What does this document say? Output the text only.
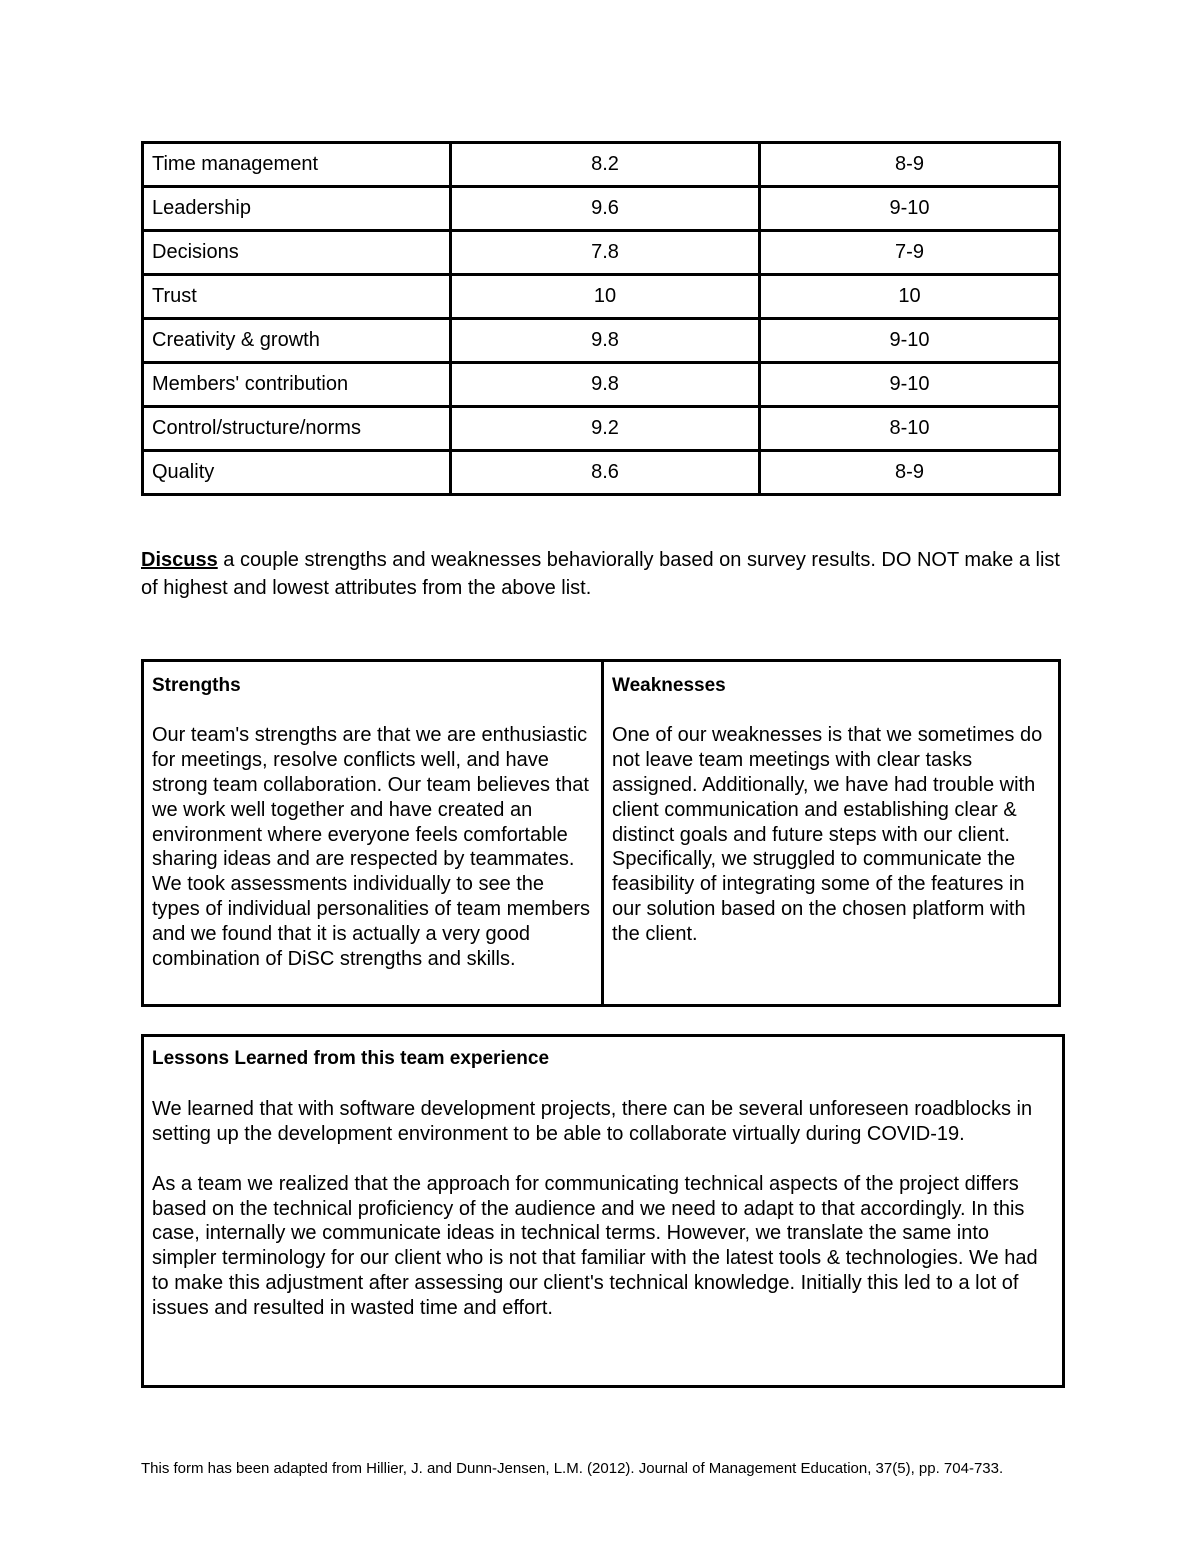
Time management	8.2	8-9
Leadership	9.6	9-10
Decisions	7.8	7-9
Trust	10	10
Creativity & growth	9.8	9-10
Members' contribution	9.8	9-10
Control/structure/norms	9.2	8-10
Quality	8.6	8-9
Discuss a couple strengths and weaknesses behaviorally based on survey results. DO NOT make a list of highest and lowest attributes from the above list.
Strengths
Our team's strengths are that we are enthusiastic for meetings, resolve conflicts well, and have strong team collaboration. Our team believes that we work well together and have created an environment where everyone feels comfortable sharing ideas and are respected by teammates. We took assessments individually to see the types of individual personalities of team members and we found that it is actually a very good combination of DiSC strengths and skills.

Weaknesses
One of our weaknesses is that we sometimes do not leave team meetings with clear tasks assigned. Additionally, we have had trouble with client communication and establishing clear & distinct goals and future steps with our client. Specifically, we struggled to communicate the feasibility of integrating some of the features in our solution based on the chosen platform with the client.
Lessons Learned from this team experience

We learned that with software development projects, there can be several unforeseen roadblocks in setting up the development environment to be able to collaborate virtually during COVID-19.

As a team we realized that the approach for communicating technical aspects of the project differs based on the technical proficiency of the audience and we need to adapt to that accordingly. In this case, internally we communicate ideas in technical terms. However, we translate the same into simpler terminology for our client who is not that familiar with the latest tools & technologies. We had to make this adjustment after assessing our client's technical knowledge. Initially this led to a lot of issues and resulted in wasted time and effort.

This form has been adapted from Hillier, J. and Dunn-Jensen, L.M. (2012). Journal of Management Education, 37(5), pp. 704-733.
